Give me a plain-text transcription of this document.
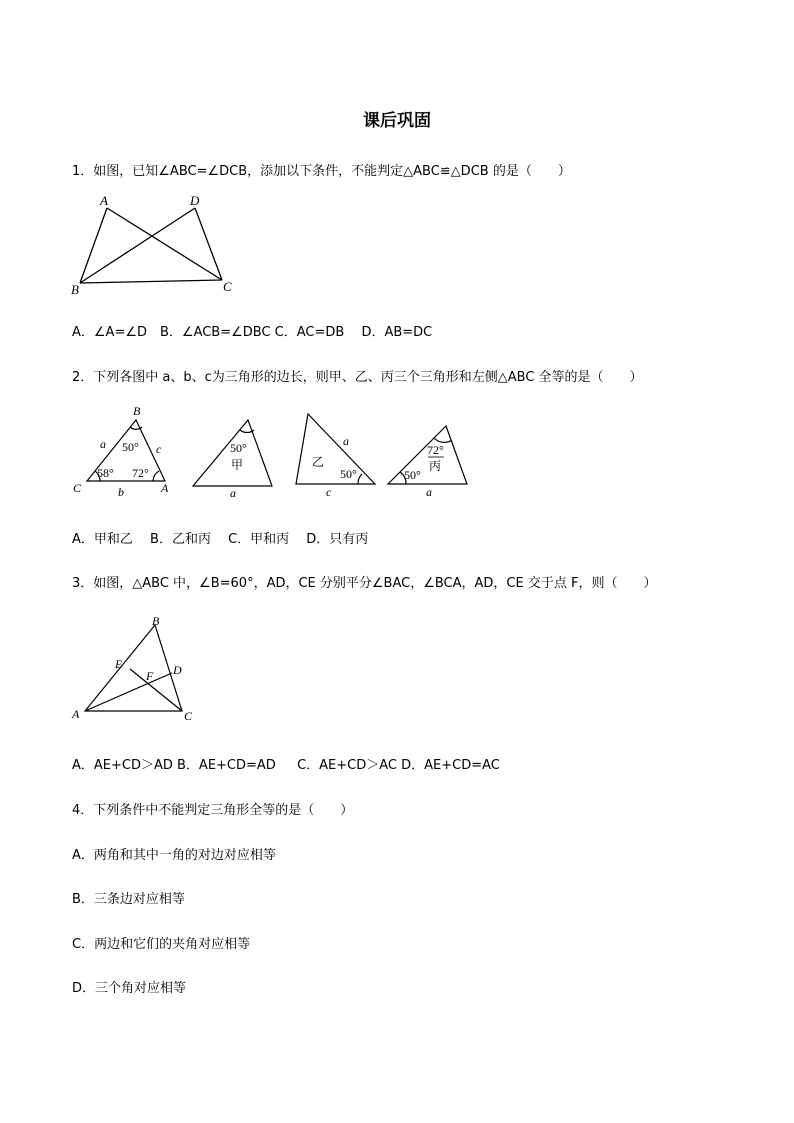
课后巩固
1．如图，已知∠ABC=∠DCB，添加以下条件，不能判定△ABC≌△DCB 的是（　　）
A	D
B	C
A．∠A=∠D　B．∠ACB=∠DBC C．AC=DB　 D．AB=DC
2．下列各图中 a、b、c为三角形的边长，则甲、乙、丙三个三角形和左侧△ABC 全等的是（　　）
B
C	A
a	c
b
50°
58° 72°
50°
甲
a
乙
50°
a
c
72°
丙
50°
a
A．甲和乙　 B．乙和丙　 C．甲和丙　 D．只有丙
3．如图，△ABC 中，∠B=60°，AD，CE 分别平分∠BAC，∠BCA，AD，CE 交于点 F，则（　　）
B
E
F D
A	C
A．AE+CD＞AD B．AE+CD=AD 　 C．AE+CD＞AC D．AE+CD=AC
4．下列条件中不能判定三角形全等的是（　　）
A．两角和其中一角的对边对应相等
B．三条边对应相等
C．两边和它们的夹角对应相等
D．三个角对应相等
